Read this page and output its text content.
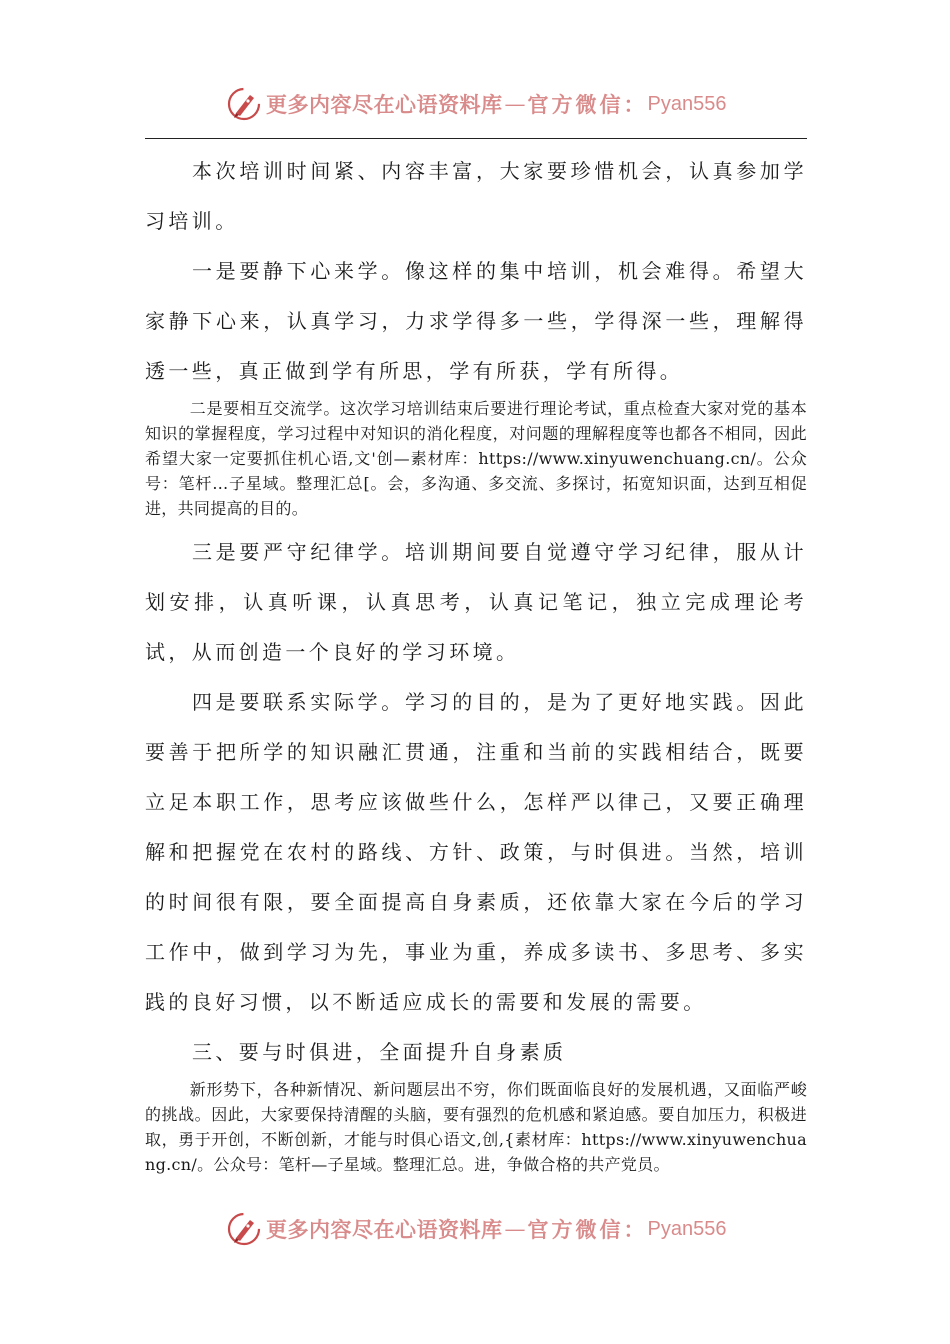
更多内容尽在心语资料库 — 官方微信： Pyan556

本次培训时间紧、内容丰富，大家要珍惜机会，认真参加学习培训。

一是要静下心来学。像这样的集中培训，机会难得。希望大家静下心来，认真学习，力求学得多一些，学得深一些，理解得透一些，真正做到学有所思，学有所获，学有所得。

二是要相互交流学。这次学习培训结束后要进行理论考试，重点检查大家对党的基本知识的掌握程度，学习过程中对知识的消化程度，对问题的理解程度等也都各不相同，因此希望大家一定要抓住机心语,文'创—素材库：https://www.xinyuwenchuang.cn/。公众号：笔杆…子星域。整理汇总[。会，多沟通、多交流、多探讨，拓宽知识面，达到互相促进，共同提高的目的。

三是要严守纪律学。培训期间要自觉遵守学习纪律，服从计划安排，认真听课，认真思考，认真记笔记，独立完成理论考试，从而创造一个良好的学习环境。

四是要联系实际学。学习的目的，是为了更好地实践。因此要善于把所学的知识融汇贯通，注重和当前的实践相结合，既要立足本职工作，思考应该做些什么，怎样严以律己，又要正确理解和把握党在农村的路线、方针、政策，与时俱进。当然，培训的时间很有限，要全面提高自身素质，还依靠大家在今后的学习工作中，做到学习为先，事业为重，养成多读书、多思考、多实践的良好习惯，以不断适应成长的需要和发展的需要。

三、要与时俱进，全面提升自身素质

新形势下，各种新情况、新问题层出不穷，你们既面临良好的发展机遇，又面临严峻的挑战。因此，大家要保持清醒的头脑，要有强烈的危机感和紧迫感。要自加压力，积极进取，勇于开创，不断创新，才能与时俱心语文,创,{素材库：https://www.xinyuwenchuang.cn/。公众号：笔杆—子星域。整理汇总。进，争做合格的共产党员。

更多内容尽在心语资料库 — 官方微信： Pyan556
